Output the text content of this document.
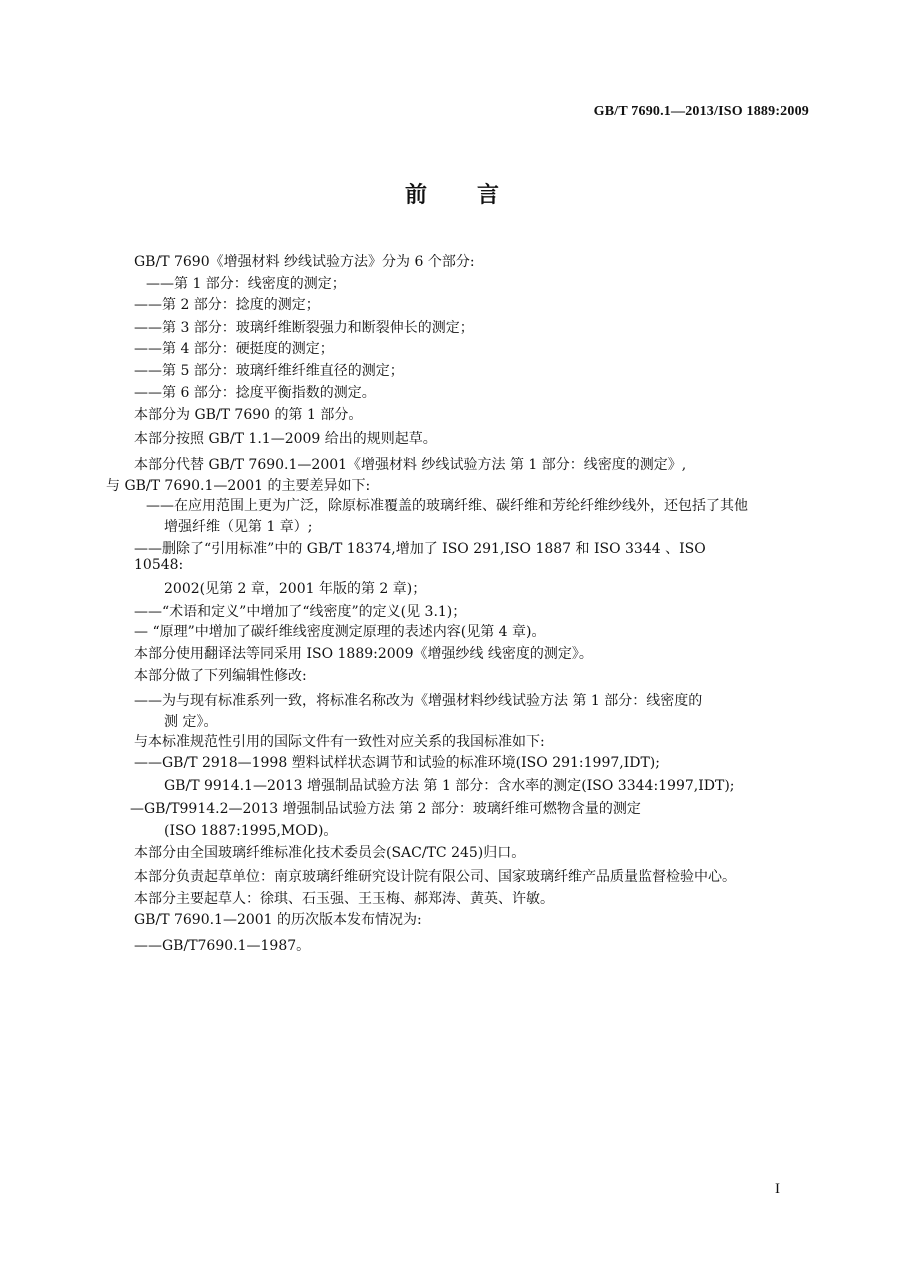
GB/T 7690.1—2013/ISO 1889:2009
前 言
GB/T 7690《增强材料 纱线试验方法》分为 6 个部分:
——第 1 部分：线密度的测定；
——第 2 部分：捻度的测定；
——第 3 部分：玻璃纤维断裂强力和断裂伸长的测定；
——第 4 部分：硬挺度的测定；
——第 5 部分：玻璃纤维纤维直径的测定；
——第 6 部分：捻度平衡指数的测定。
本部分为 GB/T 7690 的第 1 部分。
本部分按照 GB/T 1.1—2009 给出的规则起草。
本部分代替 GB/T 7690.1—2001《增强材料 纱线试验方法 第 1 部分：线密度的测定》,
与 GB/T 7690.1—2001 的主要差异如下:
——在应用范围上更为广泛，除原标准覆盖的玻璃纤维、碳纤维和芳纶纤维纱线外，还包括了其他
增强纤维（见第 1 章）;
——删除了“引用标准”中的 GB/T 18374,增加了 ISO 291,ISO 1887 和 ISO 3344 、ISO
10548:
2002(见第 2 章，2001 年版的第 2 章)；
——“术语和定义”中增加了“线密度”的定义(见 3.1)；
— “原理”中增加了碳纤维线密度测定原理的表述内容(见第 4 章)。
本部分使用翻译法等同采用 ISO 1889:2009《增强纱线 线密度的测定》。
本部分做了下列编辑性修改:
——为与现有标准系列一致，将标准名称改为《增强材料纱线试验方法 第 1 部分：线密度的
测 定》。
与本标准规范性引用的国际文件有一致性对应关系的我国标准如下:
——GB/T 2918—1998 塑料试样状态调节和试验的标准环境(ISO 291:1997,IDT);
GB/T 9914.1—2013 增强制品试验方法 第 1 部分：含水率的测定(ISO 3344:1997,IDT);
—GB/T9914.2—2013 增强制品试验方法 第 2 部分：玻璃纤维可燃物含量的测定
(ISO 1887:1995,MOD)。
本部分由全国玻璃纤维标准化技术委员会(SAC/TC 245)归口。
本部分负责起草单位：南京玻璃纤维研究设计院有限公司、国家玻璃纤维产品质量监督检验中心。
本部分主要起草人：徐琪、石玉强、王玉梅、郝郑涛、黄英、许敏。
GB/T 7690.1—2001 的历次版本发布情况为:
——GB/T7690.1—1987。
I
